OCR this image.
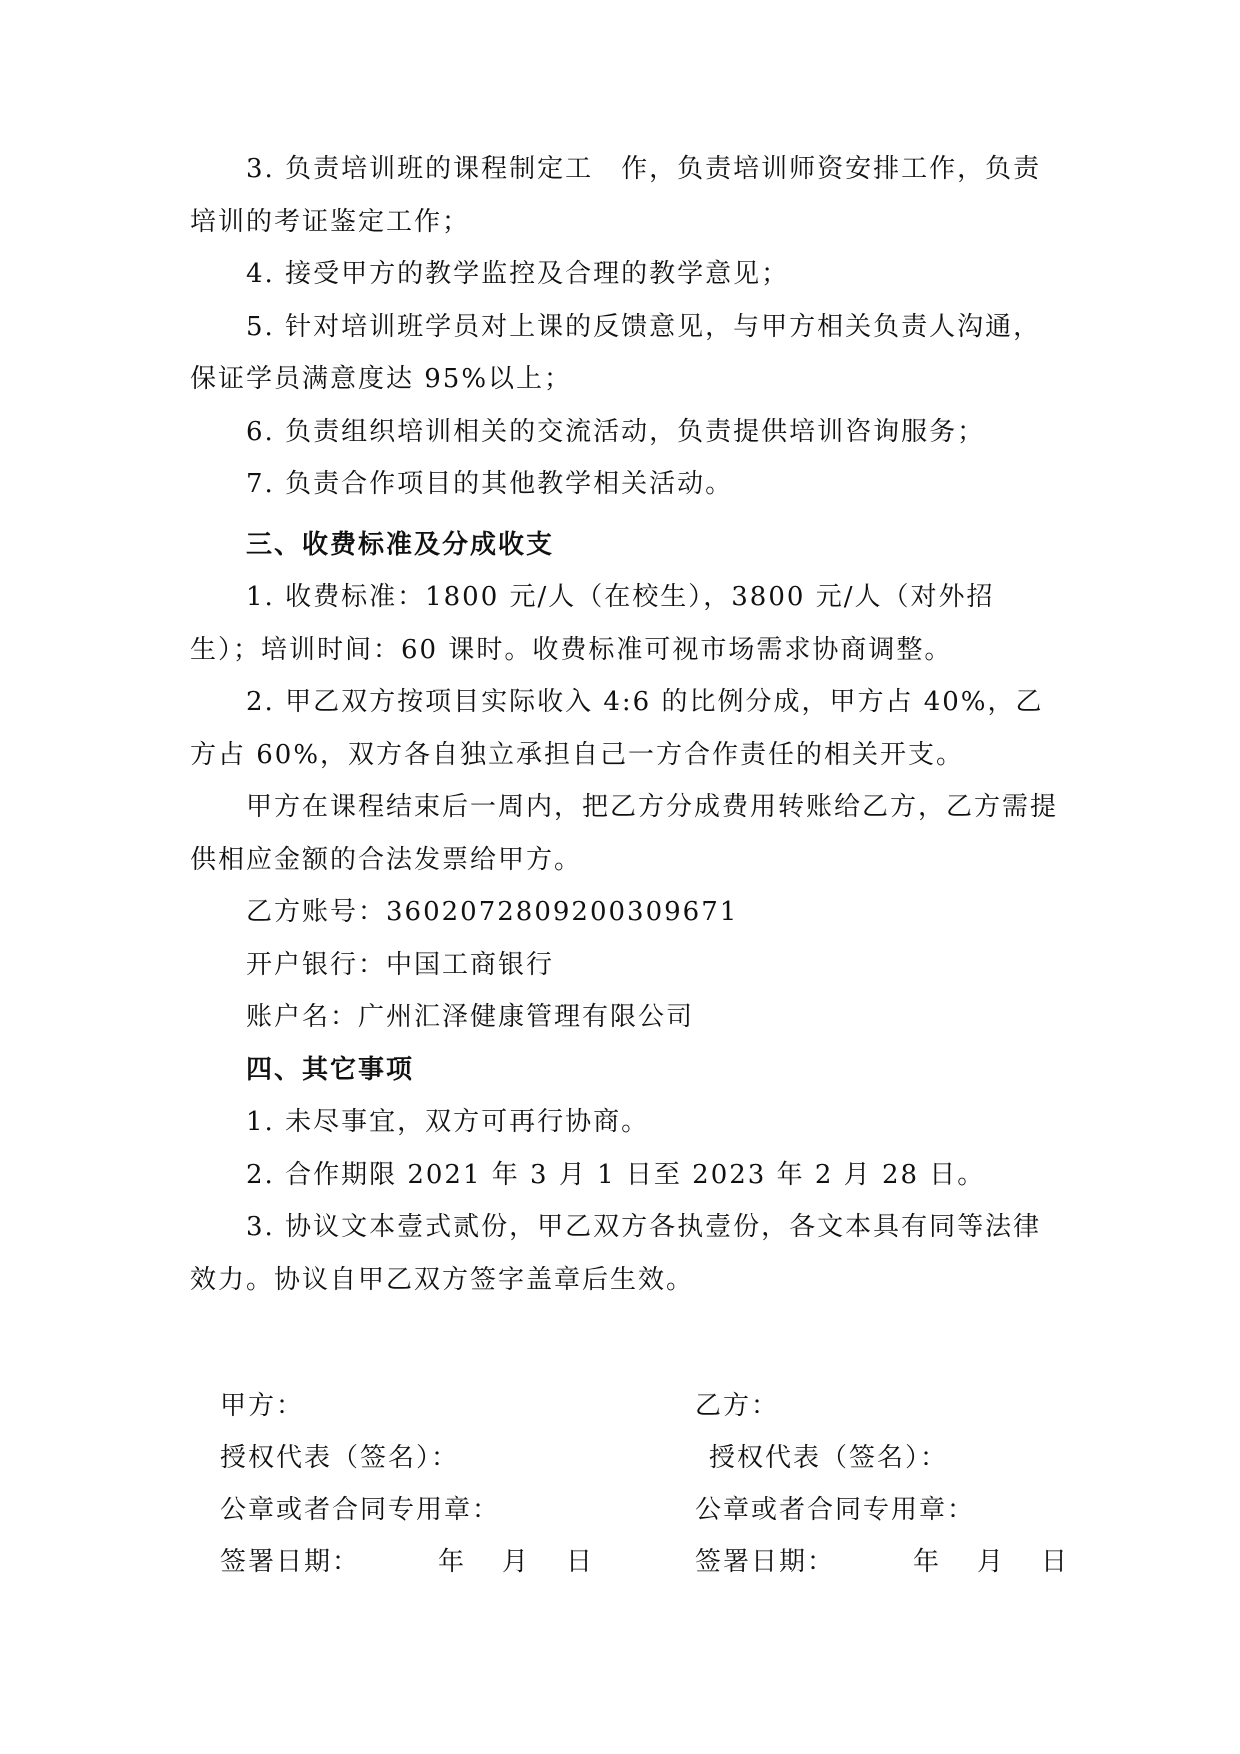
3. 负责培训班的课程制定工　作，负责培训师资安排工作，负责培训的考证鉴定工作；

4. 接受甲方的教学监控及合理的教学意见；

5. 针对培训班学员对上课的反馈意见，与甲方相关负责人沟通，保证学员满意度达 95%以上；

6. 负责组织培训相关的交流活动，负责提供培训咨询服务；

7. 负责合作项目的其他教学相关活动。

三、收费标准及分成收支

1. 收费标准：1800 元/人（在校生），3800 元/人（对外招生）；培训时间：60 课时。收费标准可视市场需求协商调整。

2. 甲乙双方按项目实际收入 4:6 的比例分成，甲方占 40%，乙方占 60%，双方各自独立承担自己一方合作责任的相关开支。

甲方在课程结束后一周内，把乙方分成费用转账给乙方，乙方需提供相应金额的合法发票给甲方。

乙方账号：3602072809200309671

开户银行：中国工商银行

账户名：广州汇泽健康管理有限公司

四、其它事项

1. 未尽事宜，双方可再行协商。

2. 合作期限 2021 年 3 月 1 日至 2023 年 2 月 28 日。

3. 协议文本壹式贰份，甲乙双方各执壹份，各文本具有同等法律效力。协议自甲乙双方签字盖章后生效。

甲方：
授权代表（签名）：
公章或者合同专用章：
签署日期：	年 月 日
乙方：
授权代表（签名）：
公章或者合同专用章：
签署日期：	年 月 日
